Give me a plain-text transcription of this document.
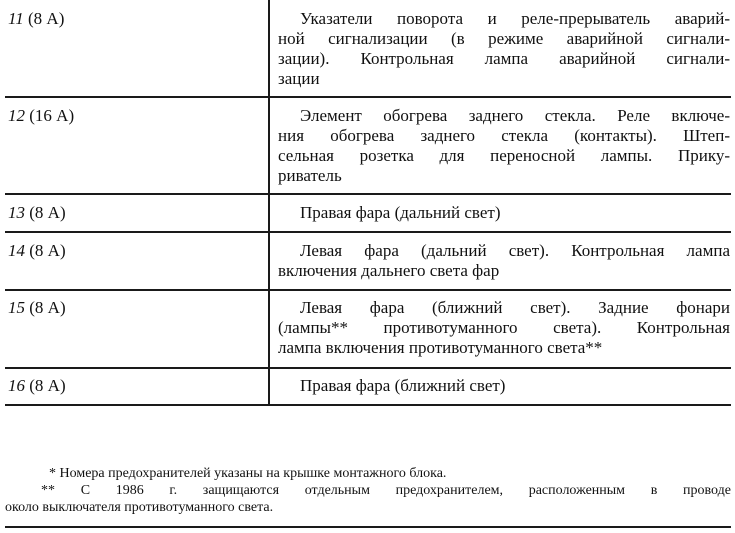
11 (8 А)	Указатели поворота и реле-прерыватель аварий-
ной сигнализации (в режиме аварийной сигнали-
зации). Контрольная лампа аварийной сигнали-
зации
12 (16 А)	Элемент обогрева заднего стекла. Реле включе-
ния обогрева заднего стекла (контакты). Штеп-
сельная розетка для переносной лампы. Прику-
риватель
13 (8 А)	Правая фара (дальний свет)
14 (8 А)	Левая фара (дальний свет). Контрольная лампа
включения дальнего света фар
15 (8 А)	Левая фара (ближний свет). Задние фонари
(лампы** противотуманного света). Контрольная
лампа включения противотуманного света**
16 (8 А)	Правая фара (ближний свет)
* Номера предохранителей указаны на крышке монтажного блока.
** С 1986 г. защищаются отдельным предохранителем, расположенным в проводе
около выключателя противотуманного света.
